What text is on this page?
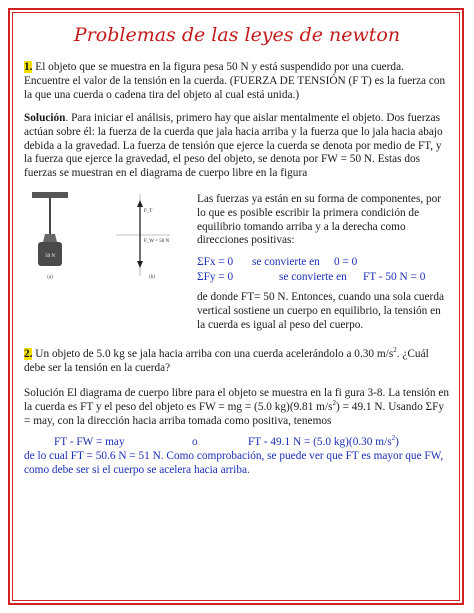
Problemas de las leyes de newton
1. El objeto que se muestra en la figura pesa 50 N y está suspendido por una cuerda. Encuentre el valor de la tensión en la cuerda. (FUERZA DE TENSIÓN (F T) es la fuerza con la que una cuerda o cadena tira del objeto al cual está unida.)
Solución. Para iniciar el análisis, primero hay que aislar mentalmente el objeto. Dos fuerzas actúan sobre él: la fuerza de la cuerda que jala hacia arriba y la fuerza que lo jala hacia abajo debida a la gravedad. La fuerza de tensión que ejerce la cuerda se denota por medio de FT, y la fuerza que ejerce la gravedad, el peso del objeto, se denota por FW = 50 N. Estas dos fuerzas se muestran en el diagrama de cuerpo libre en la figura
50 N
(a)
F_T
F_W = 50 N
(b)
Las fuerzas ya están en su forma de componentes, por lo que es posible escribir la primera condición de equilibrio tomando arriba y a la derecha como direcciones positivas:
ΣFx = 0 se convierte en 0 = 0
ΣFy = 0	se convierte en FT - 50 N = 0
de donde FT= 50 N. Entonces, cuando una sola cuerda vertical sostiene un cuerpo en equilibrio, la tensión en la cuerda es igual al peso del cuerpo.
2. Un objeto de 5.0 kg se jala hacia arriba con una cuerda acelerándolo a 0.30 $m/s^2$. ¿Cuál debe ser la tensión en la cuerda?
Solución El diagrama de cuerpo libre para el objeto se muestra en la fi gura 3-8. La tensión en la cuerda es FT y el peso del objeto es FW = mg = (5.0 kg)(9.81 $m/s^2) = 49.1$ N. Usando ΣFy = may, con la dirección hacia arriba tomada como positiva, tenemos
FT - FW = may	o	FT - 49.1 N = (5.0 kg)(0.30 $m/s^2$)
de lo cual FT = 50.6 N = 51 N. Como comprobación, se puede ver que FT es mayor que FW, como debe ser si el cuerpo se acelera hacia arriba.
